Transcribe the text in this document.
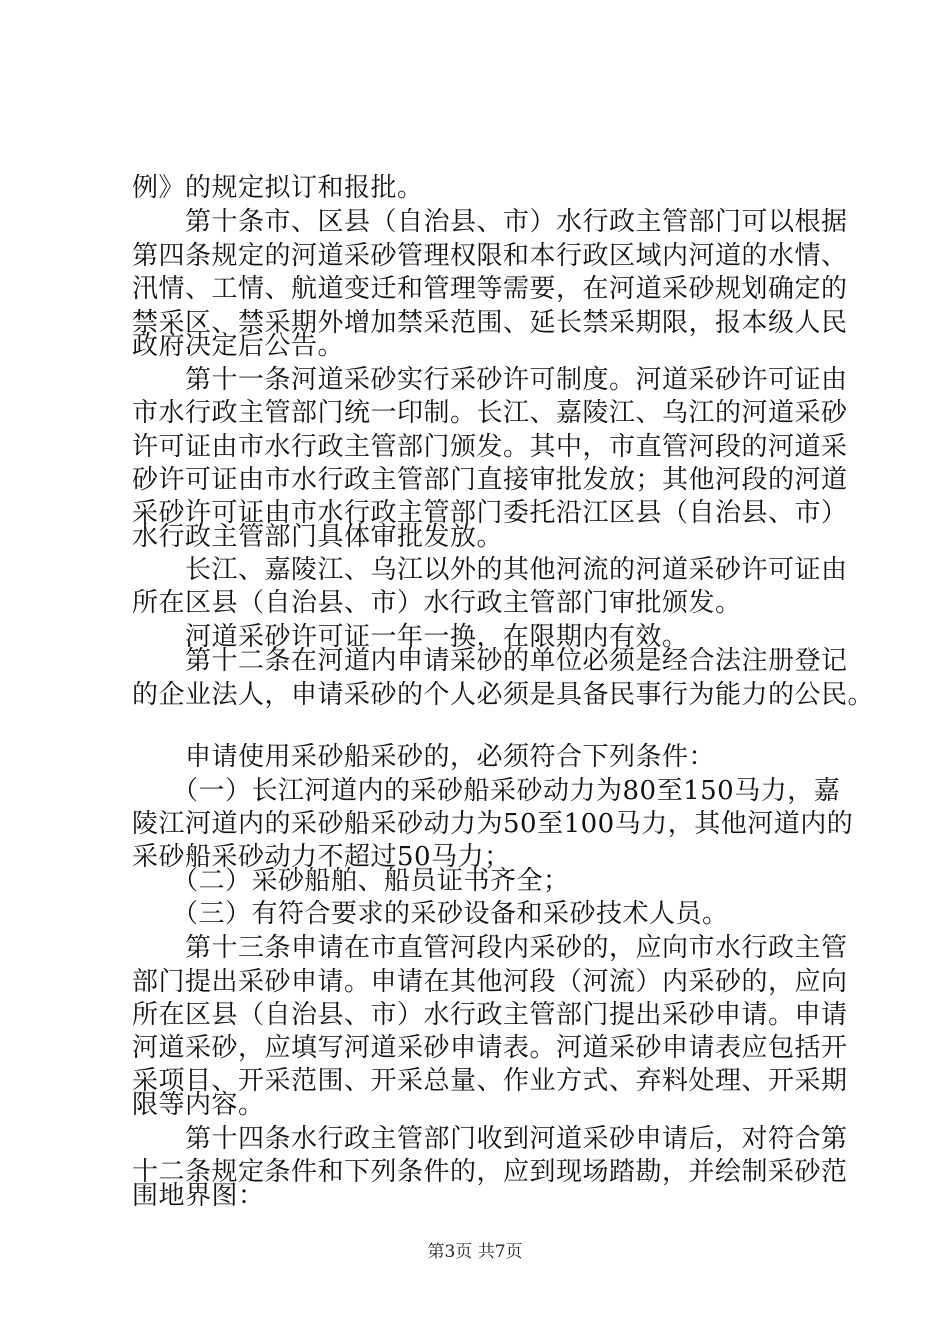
例》的规定拟订和报批。
　　第十条市、区县（自治县、市）水行政主管部门可以根据
第四条规定的河道采砂管理权限和本行政区域内河道的水情、
汛情、工情、航道变迁和管理等需要，在河道采砂规划确定的
禁采区、禁采期外增加禁采范围、延长禁采期限，报本级人民
政府决定后公告。
　　第十一条河道采砂实行采砂许可制度。河道采砂许可证由
市水行政主管部门统一印制。长江、嘉陵江、乌江的河道采砂
许可证由市水行政主管部门颁发。其中，市直管河段的河道采
砂许可证由市水行政主管部门直接审批发放；其他河段的河道
采砂许可证由市水行政主管部门委托沿江区县（自治县、市）
水行政主管部门具体审批发放。
　　长江、嘉陵江、乌江以外的其他河流的河道采砂许可证由
所在区县（自治县、市）水行政主管部门审批颁发。
　　河道采砂许可证一年一换，在限期内有效。
　　第十二条在河道内申请采砂的单位必须是经合法注册登记
的企业法人，申请采砂的个人必须是具备民事行为能力的公民。
　　申请使用采砂船采砂的，必须符合下列条件：
　　（一）长江河道内的采砂船采砂动力为80至150马力，嘉
陵江河道内的采砂船采砂动力为50至100马力，其他河道内的
采砂船采砂动力不超过50马力；
　　（二）采砂船舶、船员证书齐全；
　　（三）有符合要求的采砂设备和采砂技术人员。
　　第十三条申请在市直管河段内采砂的，应向市水行政主管
部门提出采砂申请。申请在其他河段（河流）内采砂的，应向
所在区县（自治县、市）水行政主管部门提出采砂申请。申请
河道采砂，应填写河道采砂申请表。河道采砂申请表应包括开
采项目、开采范围、开采总量、作业方式、弃料处理、开采期
限等内容。
　　第十四条水行政主管部门收到河道采砂申请后，对符合第
十二条规定条件和下列条件的，应到现场踏勘，并绘制采砂范
围地界图：
第3页 共7页
